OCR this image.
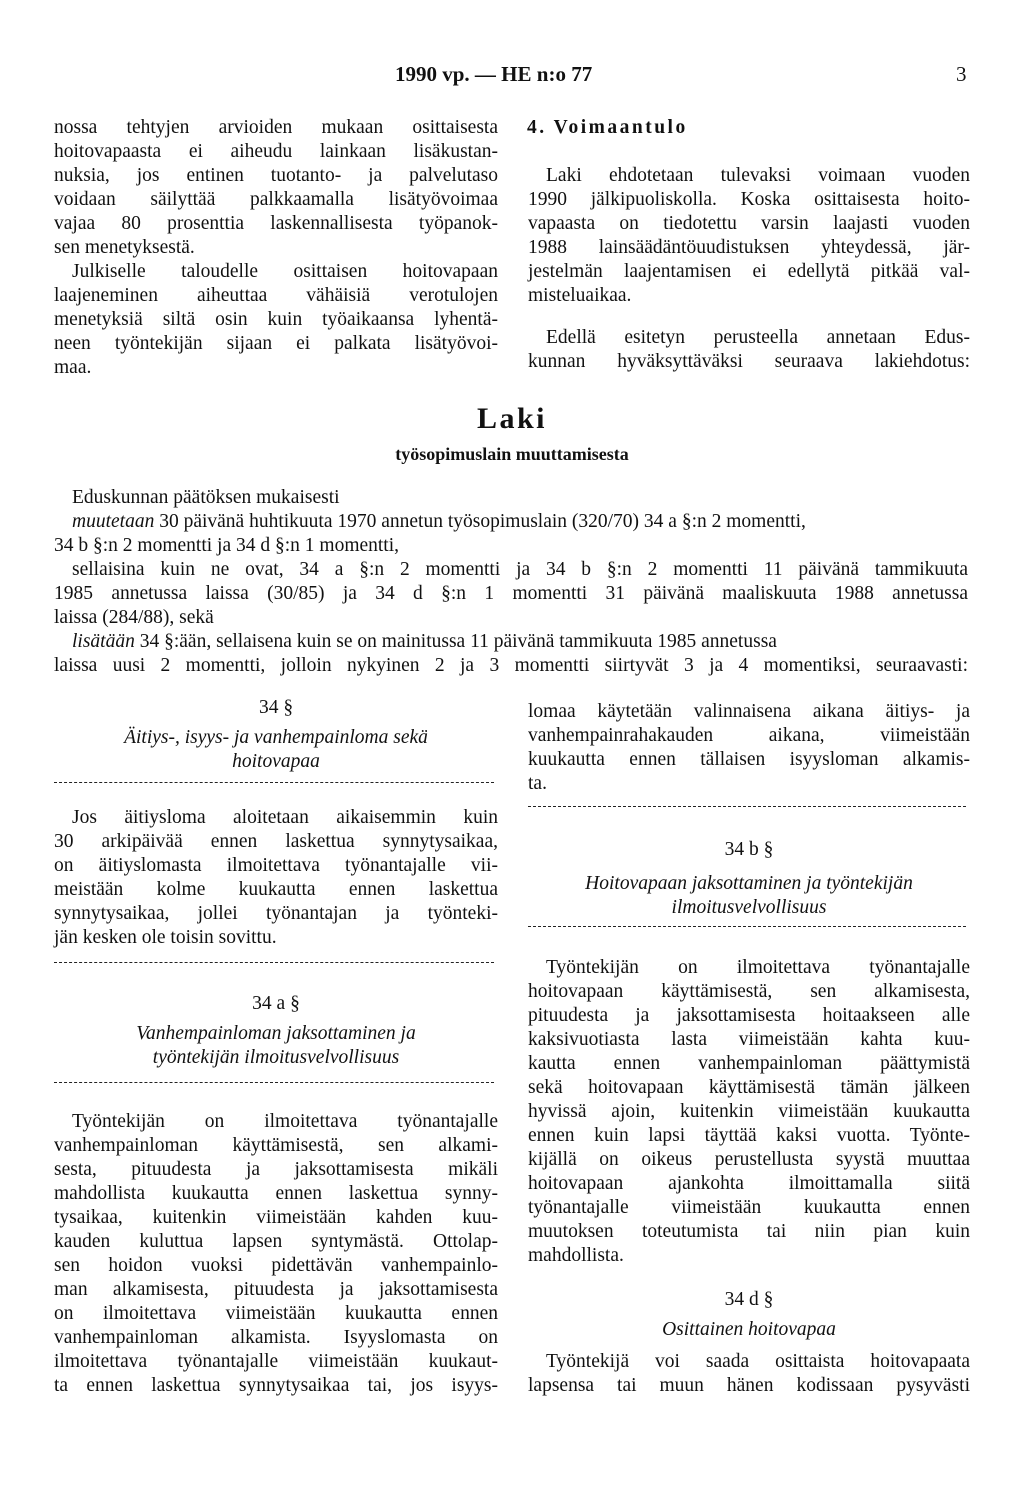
1990 vp. — HE n:o 77	3
nossa tehtyjen arvioiden mukaan osittaisesta
hoitovapaasta ei aiheudu lainkaan lisäkustan-
nuksia, jos entinen tuotanto- ja palvelutaso
voidaan säilyttää palkkaamalla lisätyövoimaa
vajaa 80 prosenttia laskennallisesta työpanok-
sen menetyksestä.
Julkiselle taloudelle osittaisen hoitovapaan
laajeneminen aiheuttaa vähäisiä verotulojen
menetyksiä siltä osin kuin työaikaansa lyhentä-
neen työntekijän sijaan ei palkata lisätyövoi-
maa.
4. Voimaantulo
Laki ehdotetaan tulevaksi voimaan vuoden
1990 jälkipuoliskolla. Koska osittaisesta hoito-
vapaasta on tiedotettu varsin laajasti vuoden
1988 lainsäädäntöuudistuksen yhteydessä, jär-
jestelmän laajentamisen ei edellytä pitkää val-
misteluaikaa.
Edellä esitetyn perusteella annetaan Edus-
kunnan hyväksyttäväksi seuraava lakiehdotus:
Laki
työsopimuslain muuttamisesta
Eduskunnan päätöksen mukaisesti
muutetaan 30 päivänä huhtikuuta 1970 annetun työsopimuslain (320/70) 34 a §:n 2 momentti,
34 b §:n 2 momentti ja 34 d §:n 1 momentti,
sellaisina kuin ne ovat, 34 a §:n 2 momentti ja 34 b §:n 2 momentti 11 päivänä tammikuuta
1985 annetussa laissa (30/85) ja 34 d §:n 1 momentti 31 päivänä maaliskuuta 1988 annetussa
laissa (284/88), sekä
lisätään 34 §:ään, sellaisena kuin se on mainitussa 11 päivänä tammikuuta 1985 annetussa
laissa uusi 2 momentti, jolloin nykyinen 2 ja 3 momentti siirtyvät 3 ja 4 momentiksi, seuraavasti:
34 §
Äitiys-, isyys- ja vanhempainloma sekä
hoitovapaa
Jos äitiysloma aloitetaan aikaisemmin kuin
30 arkipäivää ennen laskettua synnytysaikaa,
on äitiyslomasta ilmoitettava työnantajalle vii-
meistään kolme kuukautta ennen laskettua
synnytysaikaa, jollei työnantajan ja työnteki-
jän kesken ole toisin sovittu.
34 a §
Vanhempainloman jaksottaminen ja
työntekijän ilmoitusvelvollisuus
Työntekijän on ilmoitettava työnantajalle
vanhempainloman käyttämisestä, sen alkami-
sesta, pituudesta ja jaksottamisesta mikäli
mahdollista kuukautta ennen laskettua synny-
tysaikaa, kuitenkin viimeistään kahden kuu-
kauden kuluttua lapsen syntymästä. Ottolap-
sen hoidon vuoksi pidettävän vanhempainlo-
man alkamisesta, pituudesta ja jaksottamisesta
on ilmoitettava viimeistään kuukautta ennen
vanhempainloman alkamista. Isyyslomasta on
ilmoitettava työnantajalle viimeistään kuukaut-
ta ennen laskettua synnytysaikaa tai, jos isyys-
lomaa käytetään valinnaisena aikana äitiys- ja
vanhempainrahakauden aikana, viimeistään
kuukautta ennen tällaisen isyysloman alkamis-
ta.
34 b §
Hoitovapaan jaksottaminen ja työntekijän
ilmoitusvelvollisuus
Työntekijän on ilmoitettava työnantajalle
hoitovapaan käyttämisestä, sen alkamisesta,
pituudesta ja jaksottamisesta hoitaakseen alle
kaksivuotiasta lasta viimeistään kahta kuu-
kautta ennen vanhempainloman päättymistä
sekä hoitovapaan käyttämisestä tämän jälkeen
hyvissä ajoin, kuitenkin viimeistään kuukautta
ennen kuin lapsi täyttää kaksi vuotta. Työnte-
kijällä on oikeus perustellusta syystä muuttaa
hoitovapaan ajankohta ilmoittamalla siitä
työnantajalle viimeistään kuukautta ennen
muutoksen toteutumista tai niin pian kuin
mahdollista.
34 d §
Osittainen hoitovapaa
Työntekijä voi saada osittaista hoitovapaata
lapsensa tai muun hänen kodissaan pysyvästi
